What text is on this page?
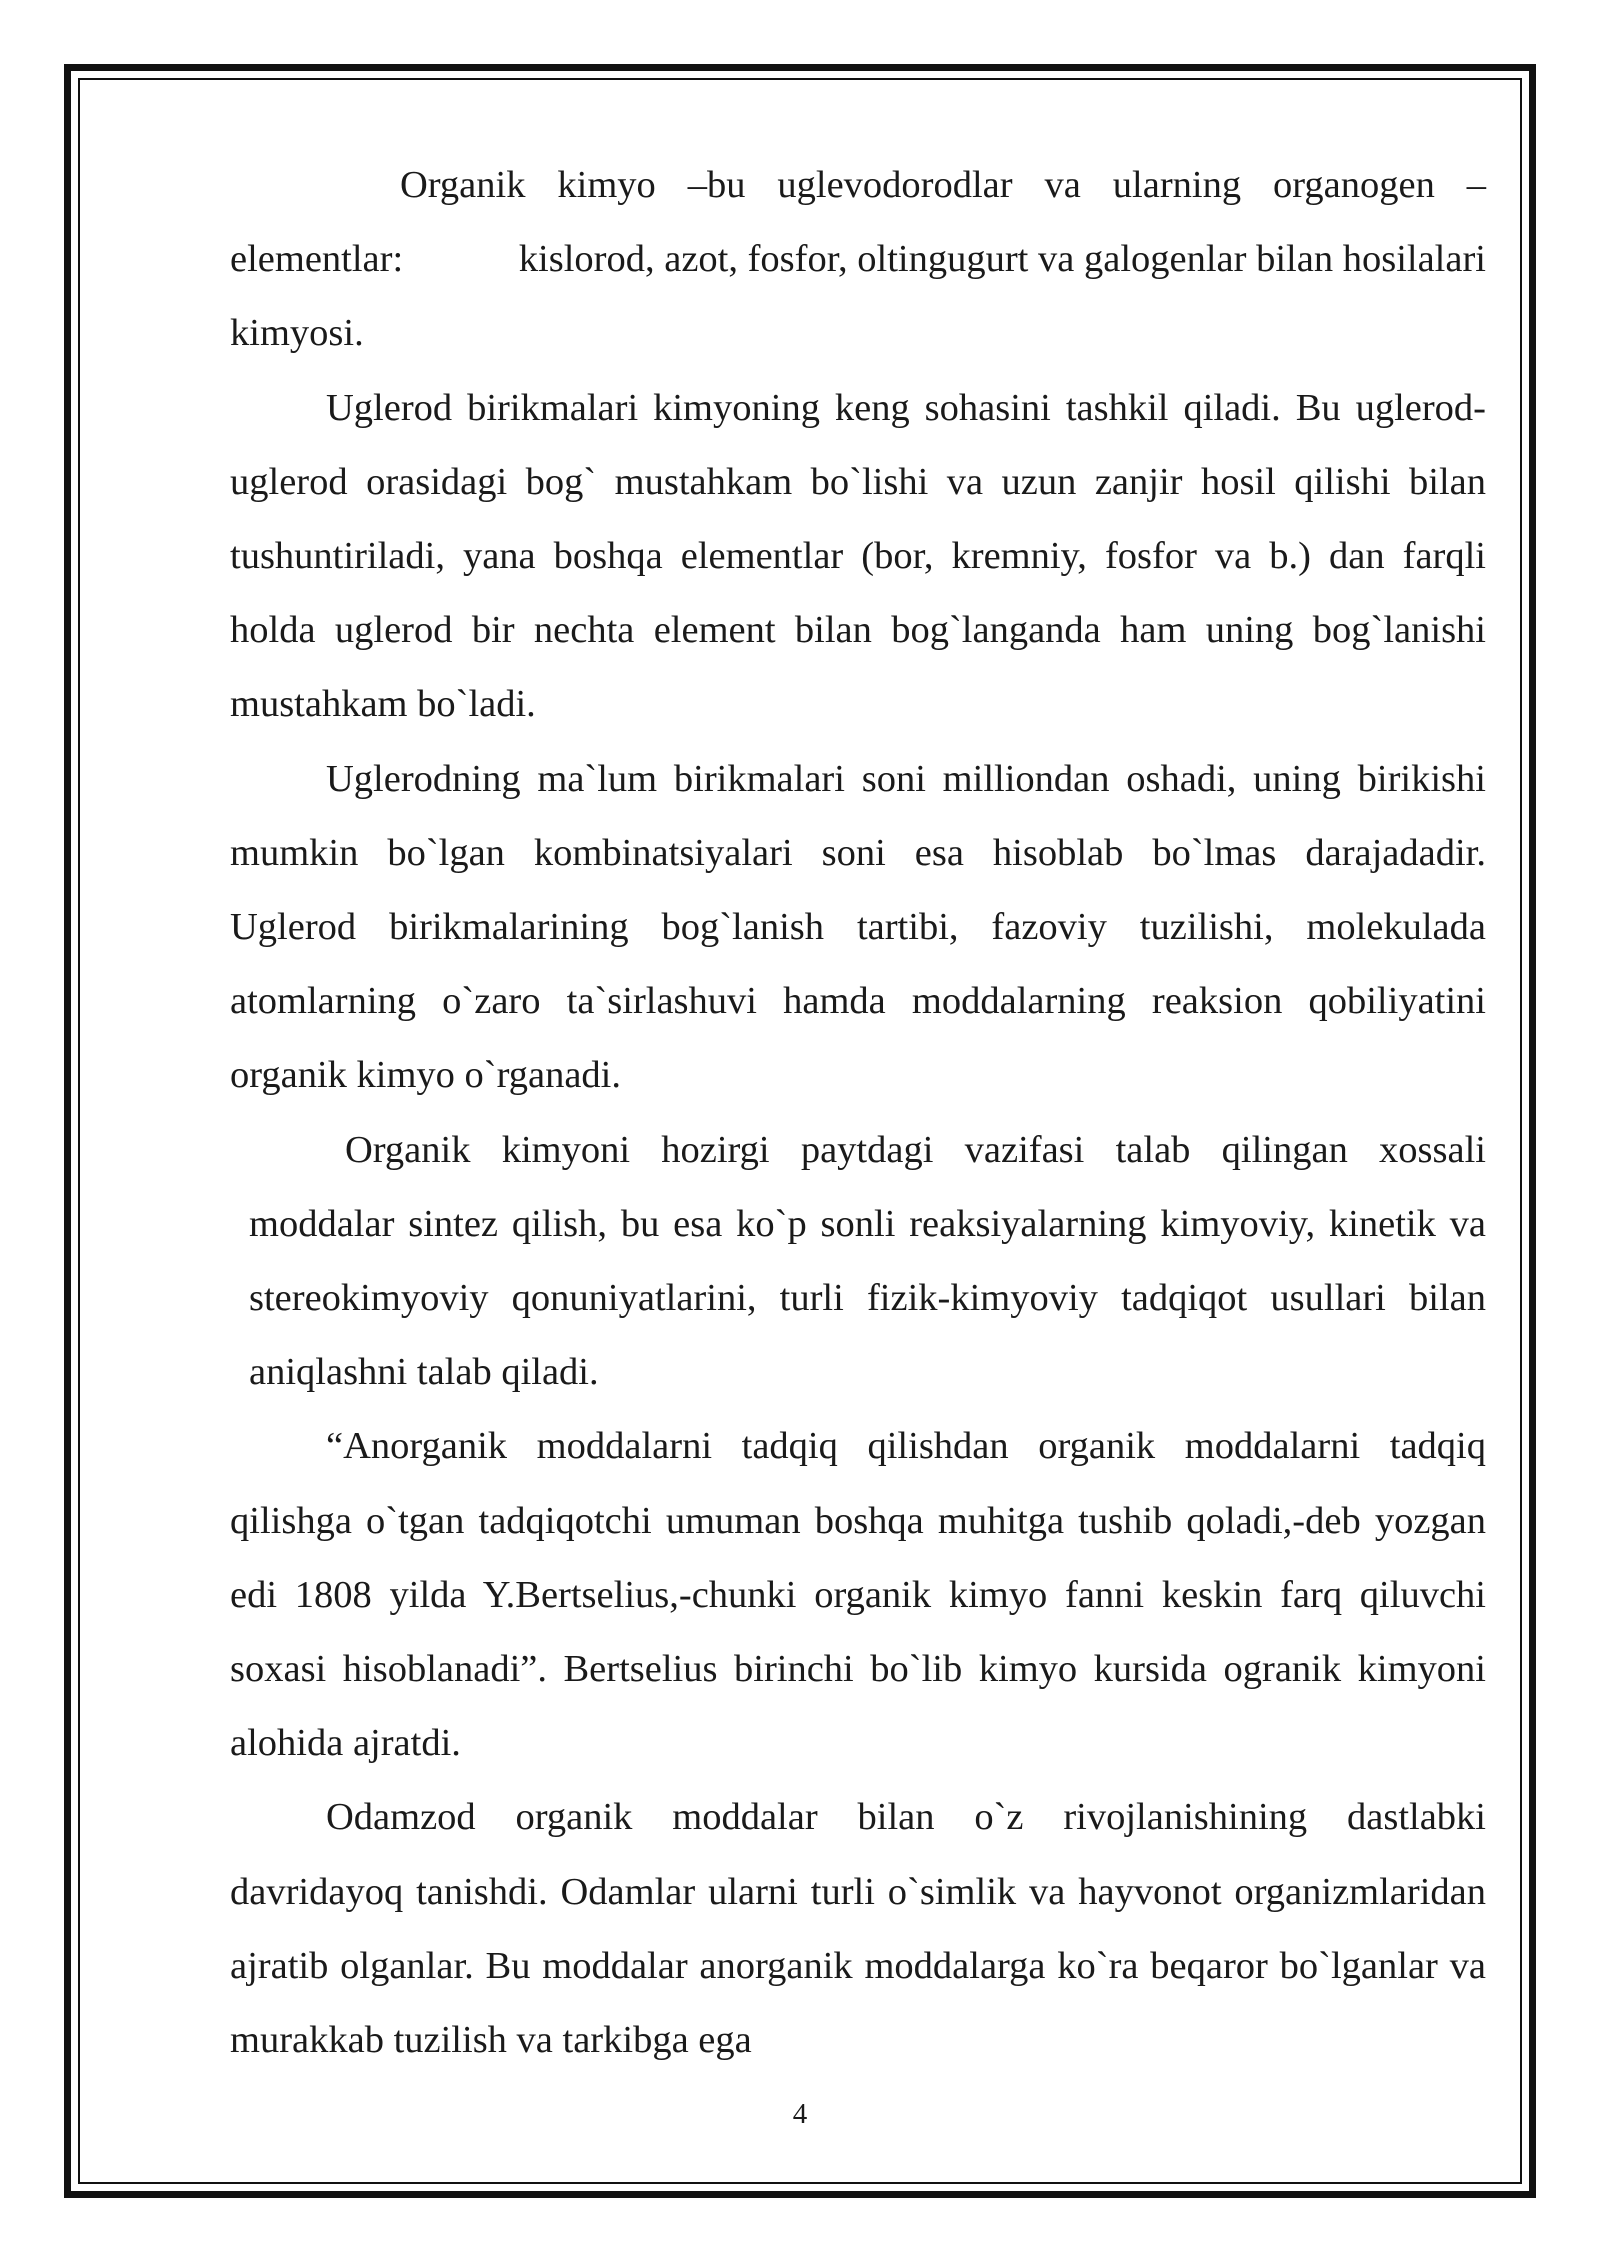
Organik kimyo –bu uglevodorodlar va ularning organogen – elementlar:            kislorod, azot, fosfor, oltingugurt va galogenlar bilan hosilalari kimyosi.

Uglerod birikmalari kimyoning keng sohasini tashkil qiladi. Bu uglerod-uglerod orasidagi bog` mustahkam bo`lishi va uzun zanjir hosil qilishi bilan tushuntiriladi, yana boshqa elementlar (bor, kremniy, fosfor va b.) dan farqli holda uglerod bir nechta element bilan bog`langanda ham uning bog`lanishi mustahkam bo`ladi.

Uglerodning ma`lum birikmalari soni milliondan oshadi, uning birikishi mumkin bo`lgan kombinatsiyalari soni esa hisoblab bo`lmas darajadadir. Uglerod birikmalarining bog`lanish tartibi, fazoviy tuzilishi, molekulada atomlarning o`zaro ta`sirlashuvi hamda moddalarning reaksion qobiliyatini organik kimyo o`rganadi.

Organik kimyoni hozirgi paytdagi vazifasi talab qilingan xossali moddalar sintez qilish, bu esa ko`p sonli reaksiyalarning kimyoviy, kinetik va stereokimyoviy qonuniyatlarini, turli fizik-kimyoviy tadqiqot usullari bilan aniqlashni talab qiladi.

“Anorganik moddalarni tadqiq qilishdan organik moddalarni tadqiq qilishga o`tgan tadqiqotchi umuman boshqa muhitga tushib qoladi,-deb yozgan edi 1808 yilda Y.Bertselius,-chunki organik kimyo fanni keskin farq qiluvchi soxasi hisoblanadi”. Bertselius birinchi bo`lib kimyo kursida ogranik kimyoni alohida ajratdi.

Odamzod organik moddalar bilan o`z rivojlanishining dastlabki davridayoq tanishdi. Odamlar ularni turli o`simlik va hayvonot organizmlaridan ajratib olganlar. Bu moddalar anorganik moddalarga ko`ra beqaror bo`lganlar va murakkab tuzilish va tarkibga ega

4
